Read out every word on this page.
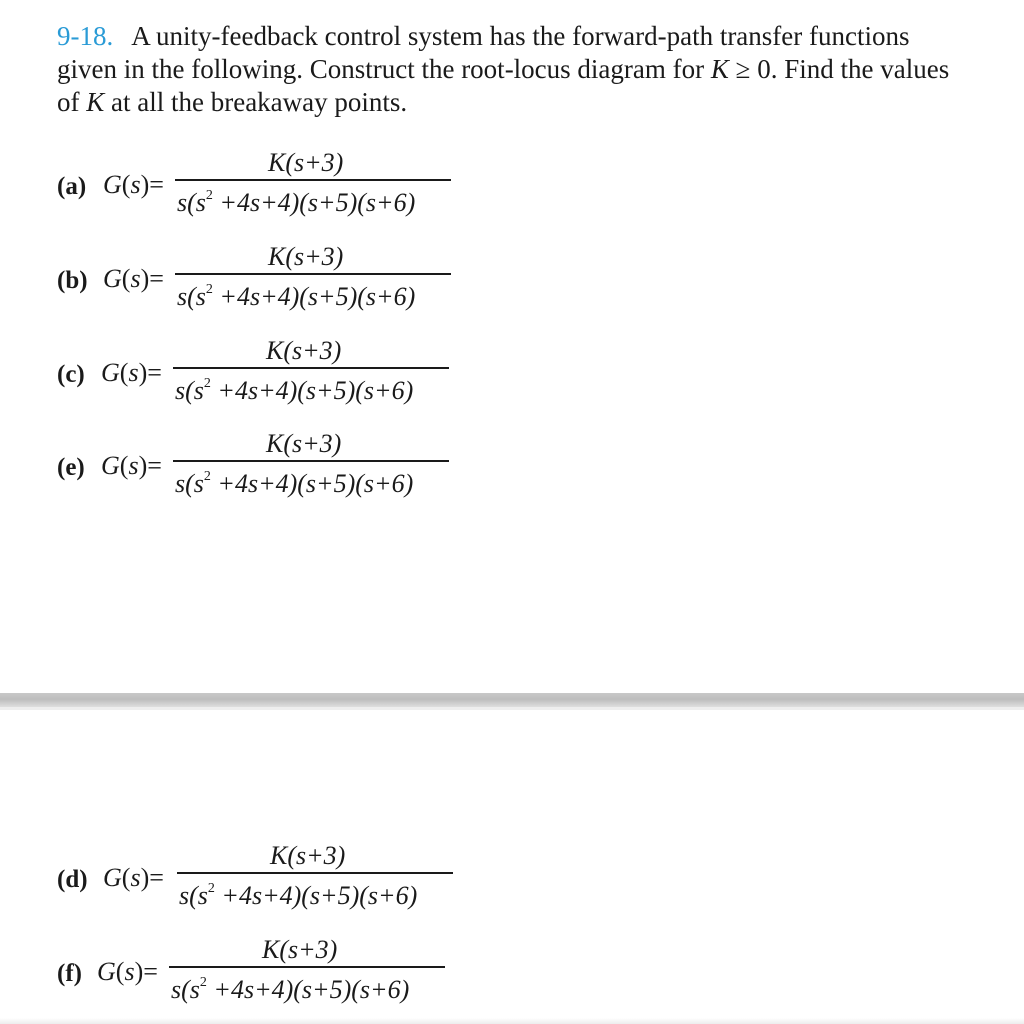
9-18. A unity-feedback control system has the forward-path transfer functions given in the following. Construct the root-locus diagram for K ≥ 0. Find the values of K at all the breakaway points.

(a) G(s)=
K(s+3)
$s(s^2 +4s+4)(s+5)(s+6)$
(b) G(s)=
K(s+3)
$s(s^2 +4s+4)(s+5)(s+6)$
(c) G(s)=
K(s+3)
$s(s^2 +4s+4)(s+5)(s+6)$
(e) G(s)=
K(s+3)
$s(s^2 +4s+4)(s+5)(s+6)$
(d) G(s)=
K(s+3)
$s(s^2 +4s+4)(s+5)(s+6)$
(f) G(s)=
K(s+3)
$s(s^2 +4s+4)(s+5)(s+6)$
